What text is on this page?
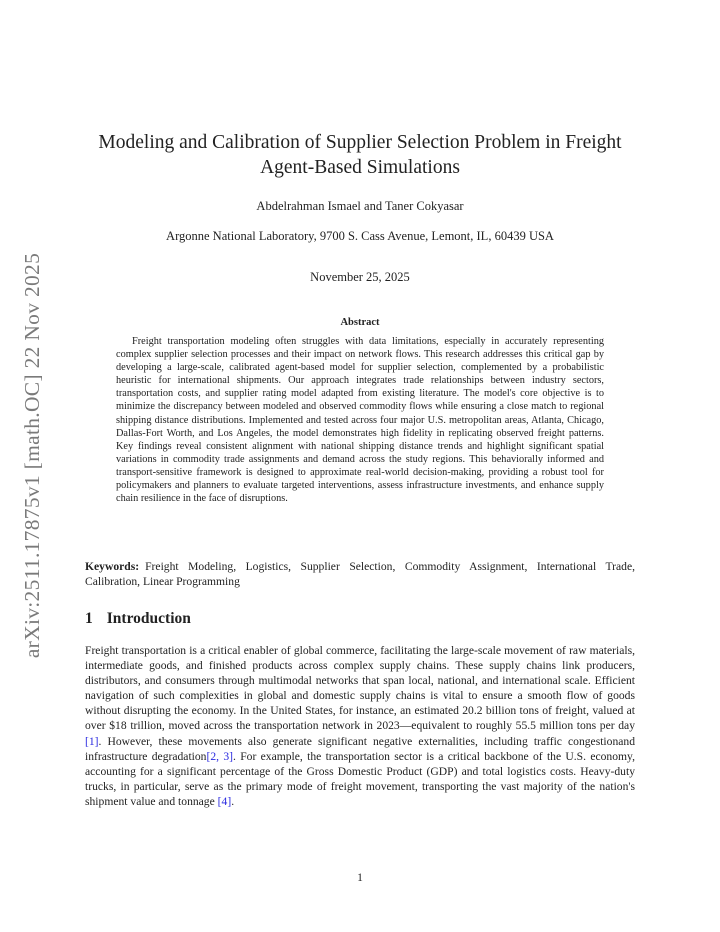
arXiv:2511.17875v1 [math.OC] 22 Nov 2025
Modeling and Calibration of Supplier Selection Problem in Freight Agent-Based Simulations
Abdelrahman Ismael and Taner Cokyasar
Argonne National Laboratory, 9700 S. Cass Avenue, Lemont, IL, 60439 USA
November 25, 2025
Abstract

Freight transportation modeling often struggles with data limitations, especially in accurately representing complex supplier selection processes and their impact on network flows. This research addresses this critical gap by developing a large-scale, calibrated agent-based model for supplier selection, complemented by a probabilistic heuristic for international shipments. Our approach integrates trade relationships between industry sectors, transportation costs, and supplier rating model adapted from existing literature. The model's core objective is to minimize the discrepancy between modeled and observed commodity flows while ensuring a close match to regional shipping distance distributions. Implemented and tested across four major U.S. metropolitan areas, Atlanta, Chicago, Dallas-Fort Worth, and Los Angeles, the model demonstrates high fidelity in replicating observed freight patterns. Key findings reveal consistent alignment with national shipping distance trends and highlight significant spatial variations in commodity trade assignments and demand across the study regions. This behaviorally informed and transport-sensitive framework is designed to approximate real-world decision-making, providing a robust tool for policymakers and planners to evaluate targeted interventions, assess infrastructure investments, and enhance supply chain resilience in the face of disruptions.

Keywords: Freight Modeling, Logistics, Supplier Selection, Commodity Assignment, International Trade, Calibration, Linear Programming

1 Introduction

Freight transportation is a critical enabler of global commerce, facilitating the large-scale movement of raw materials, intermediate goods, and finished products across complex supply chains. These supply chains link producers, distributors, and consumers through multimodal networks that span local, national, and international scale. Efficient navigation of such complexities in global and domestic supply chains is vital to ensure a smooth flow of goods without disrupting the economy. In the United States, for instance, an estimated 20.2 billion tons of freight, valued at over $18 trillion, moved across the transportation network in 2023—equivalent to roughly 55.5 million tons per day [1]. However, these movements also generate significant negative externalities, including traffic congestionand infrastructure degradation[2, 3]. For example, the transportation sector is a critical backbone of the U.S. economy, accounting for a significant percentage of the Gross Domestic Product (GDP) and total logistics costs. Heavy-duty trucks, in particular, serve as the primary mode of freight movement, transporting the vast majority of the nation's shipment value and tonnage [4].

1
